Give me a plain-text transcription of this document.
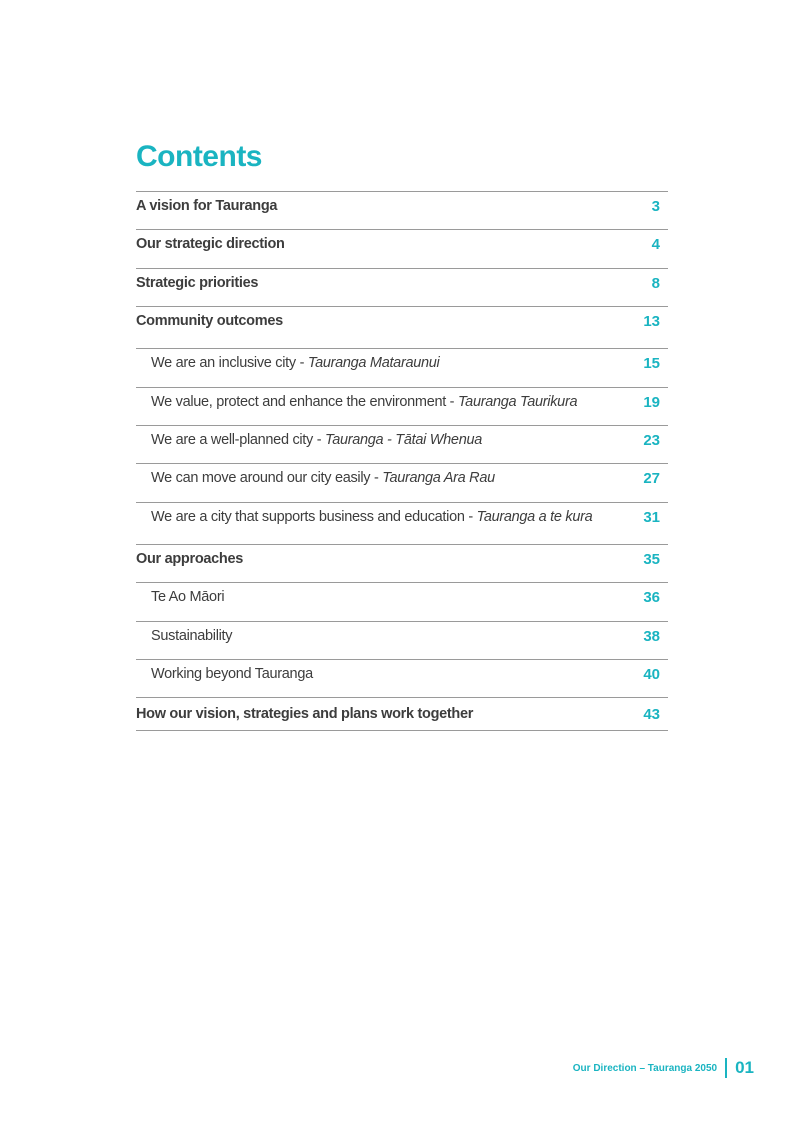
Contents
A vision for Tauranga	3
Our strategic direction	4
Strategic priorities	8
Community outcomes	13
We are an inclusive city - Tauranga Mataraunui	15
We value, protect and enhance the environment - Tauranga Taurikura	19
We are a well-planned city - Tauranga - Tātai Whenua	23
We can move around our city easily - Tauranga Ara Rau	27
We are a city that supports business and education - Tauranga a te kura	31
Our approaches	35
Te Ao Māori	36
Sustainability	38
Working beyond Tauranga	40
How our vision, strategies and plans work together	43
Our Direction – Tauranga 2050 01
